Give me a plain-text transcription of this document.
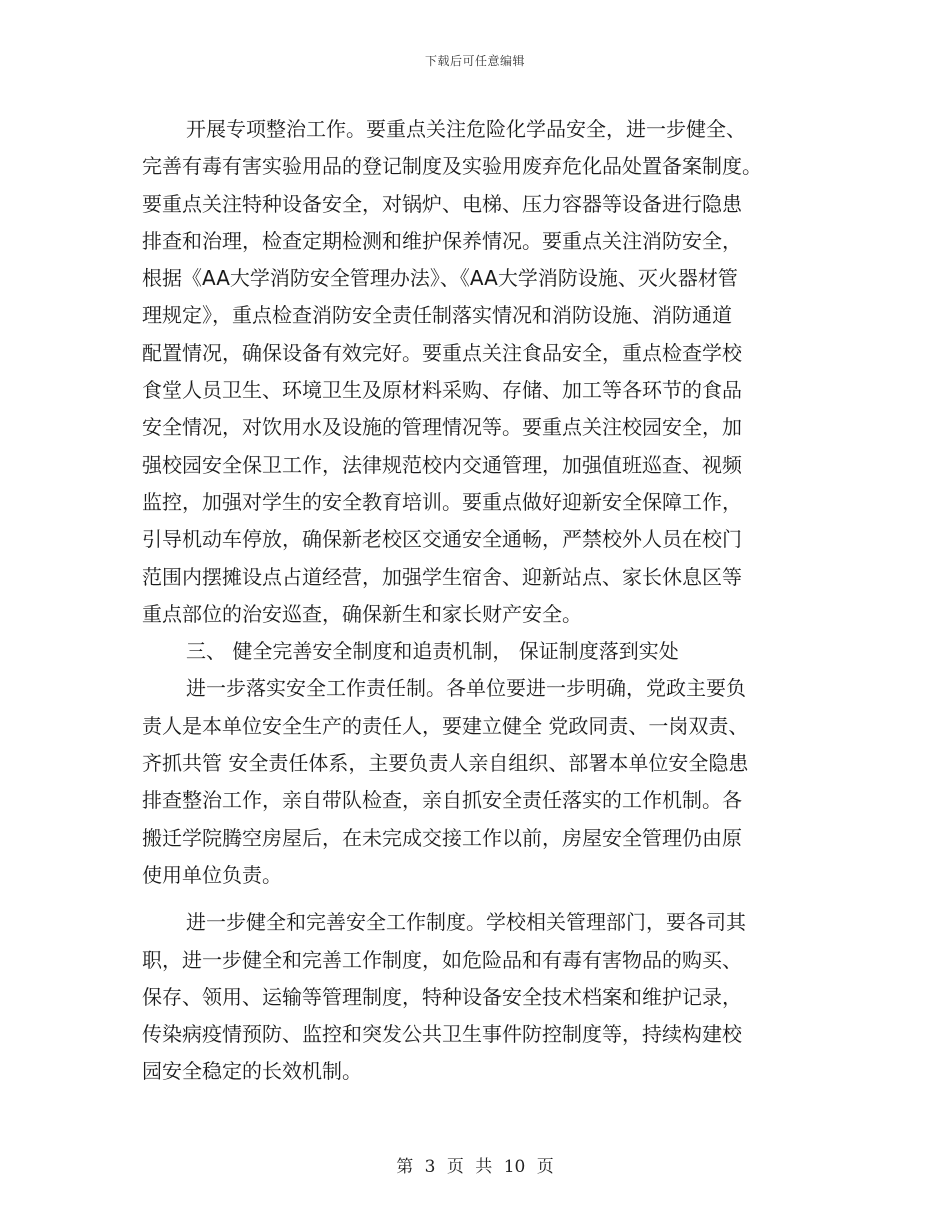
下载后可任意编辑
开展专项整治工作。要重点关注危险化学品安全，进一步健全、
完善有毒有害实验用品的登记制度及实验用废弃危化品处置备案制度。
要重点关注特种设备安全，对锅炉、电梯、压力容器等设备进行隐患
排查和治理，检查定期检测和维护保养情况。要重点关注消防安全，
根据《AA大学消防安全管理办法》、《AA大学消防设施、灭火器材管
理规定》，重点检查消防安全责任制落实情况和消防设施、消防通道
配置情况，确保设备有效完好。要重点关注食品安全，重点检查学校
食堂人员卫生、环境卫生及原材料采购、存储、加工等各环节的食品
安全情况，对饮用水及设施的管理情况等。要重点关注校园安全，加
强校园安全保卫工作，法律规范校内交通管理，加强值班巡查、视频
监控，加强对学生的安全教育培训。要重点做好迎新安全保障工作，
引导机动车停放，确保新老校区交通安全通畅，严禁校外人员在校门
范围内摆摊设点占道经营，加强学生宿舍、迎新站点、家长休息区等
重点部位的治安巡查，确保新生和家长财产安全。
三、 健全完善安全制度和追责机制， 保证制度落到实处
进一步落实安全工作责任制。各单位要进一步明确，党政主要负
责人是本单位安全生产的责任人，要建立健全 党政同责、一岗双责、
齐抓共管 安全责任体系，主要负责人亲自组织、部署本单位安全隐患
排查整治工作，亲自带队检查，亲自抓安全责任落实的工作机制。各
搬迁学院腾空房屋后，在未完成交接工作以前，房屋安全管理仍由原
使用单位负责。
进一步健全和完善安全工作制度。学校相关管理部门，要各司其
职，进一步健全和完善工作制度，如危险品和有毒有害物品的购买、
保存、领用、运输等管理制度，特种设备安全技术档案和维护记录，
传染病疫情预防、监控和突发公共卫生事件防控制度等，持续构建校
园安全稳定的长效机制。
第 3 页 共 10 页
